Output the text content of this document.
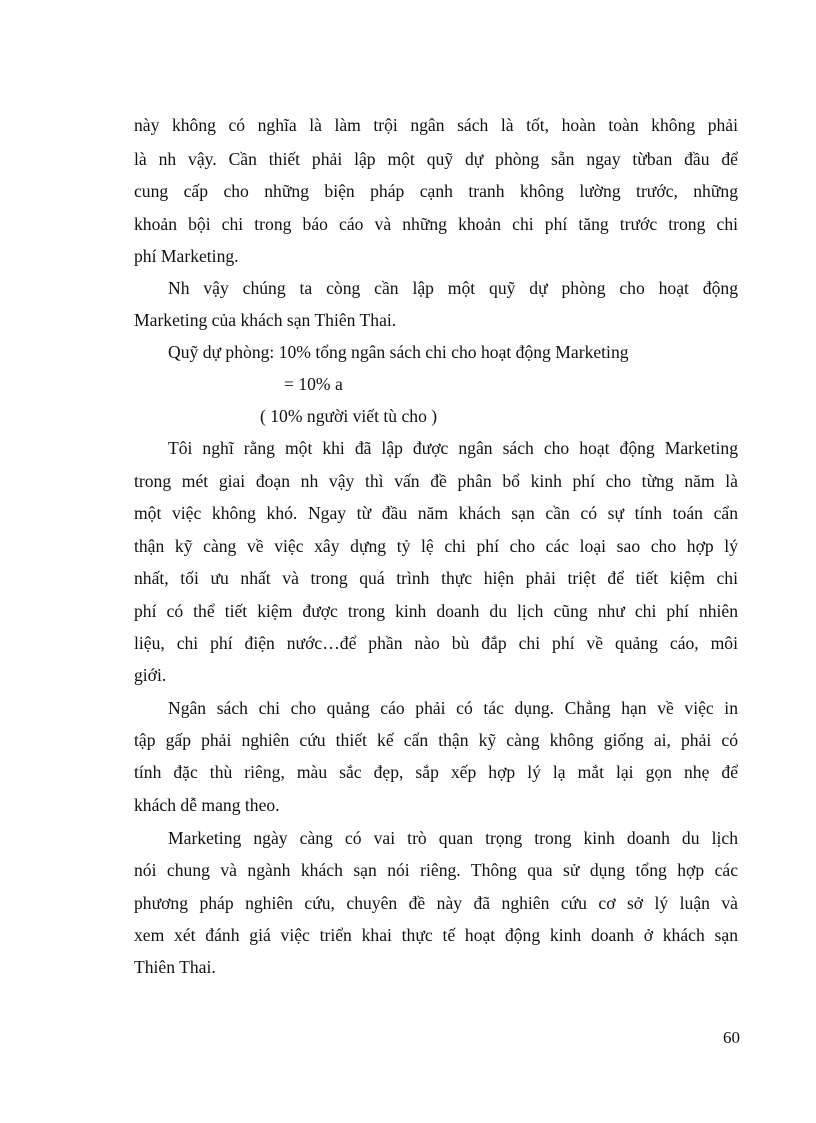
này không có nghĩa là làm trội ngân sách là tốt, hoàn toàn không phải
là nh vậy. Cần thiết phải lập một quỹ dự phòng sẵn ngay từban đầu để
cung cấp cho những biện pháp cạnh tranh không lường trước, những
khoản bội chi trong báo cáo và những khoản chi phí tăng trước trong chi
phí Marketing.
Nh vậy chúng ta còng cần lập một quỹ dự phòng cho hoạt động
Marketing của khách sạn Thiên Thai.
Quỹ dự phòng: 10% tổng ngân sách chi cho hoạt động Marketing
= 10% a
( 10% người viết tù cho )
Tôi nghĩ rằng một khi đã lập được ngân sách cho hoạt động Marketing
trong mét giai đoạn nh vậy thì vấn đề phân bổ kinh phí cho từng năm là
một việc không khó. Ngay từ đầu năm khách sạn cần có sự tính toán cẩn
thận kỹ càng về việc xây dựng tỷ lệ chi phí cho các loại sao cho hợp lý
nhất, tối ưu nhất và trong quá trình thực hiện phải triệt để tiết kiệm chi
phí có thể tiết kiệm được trong kinh doanh du lịch cũng như chi phí nhiên
liệu, chi phí điện nước…để phần nào bù đắp chi phí về quảng cáo, môi
giới.
Ngân sách chi cho quảng cáo phải có tác dụng. Chẳng hạn về việc in
tập gấp phải nghiên cứu thiết kế cẩn thận kỹ càng không giống ai, phải có
tính đặc thù riêng, màu sắc đẹp, sắp xếp hợp lý lạ mắt lại gọn nhẹ để
khách dễ mang theo.
Marketing ngày càng có vai trò quan trọng trong kinh doanh du lịch
nói chung và ngành khách sạn nói riêng. Thông qua sử dụng tổng hợp các
phương pháp nghiên cứu, chuyên đề này đã nghiên cứu cơ sở lý luận và
xem xét đánh giá việc triển khai thực tế hoạt động kinh doanh ở khách sạn
Thiên Thai.
60
